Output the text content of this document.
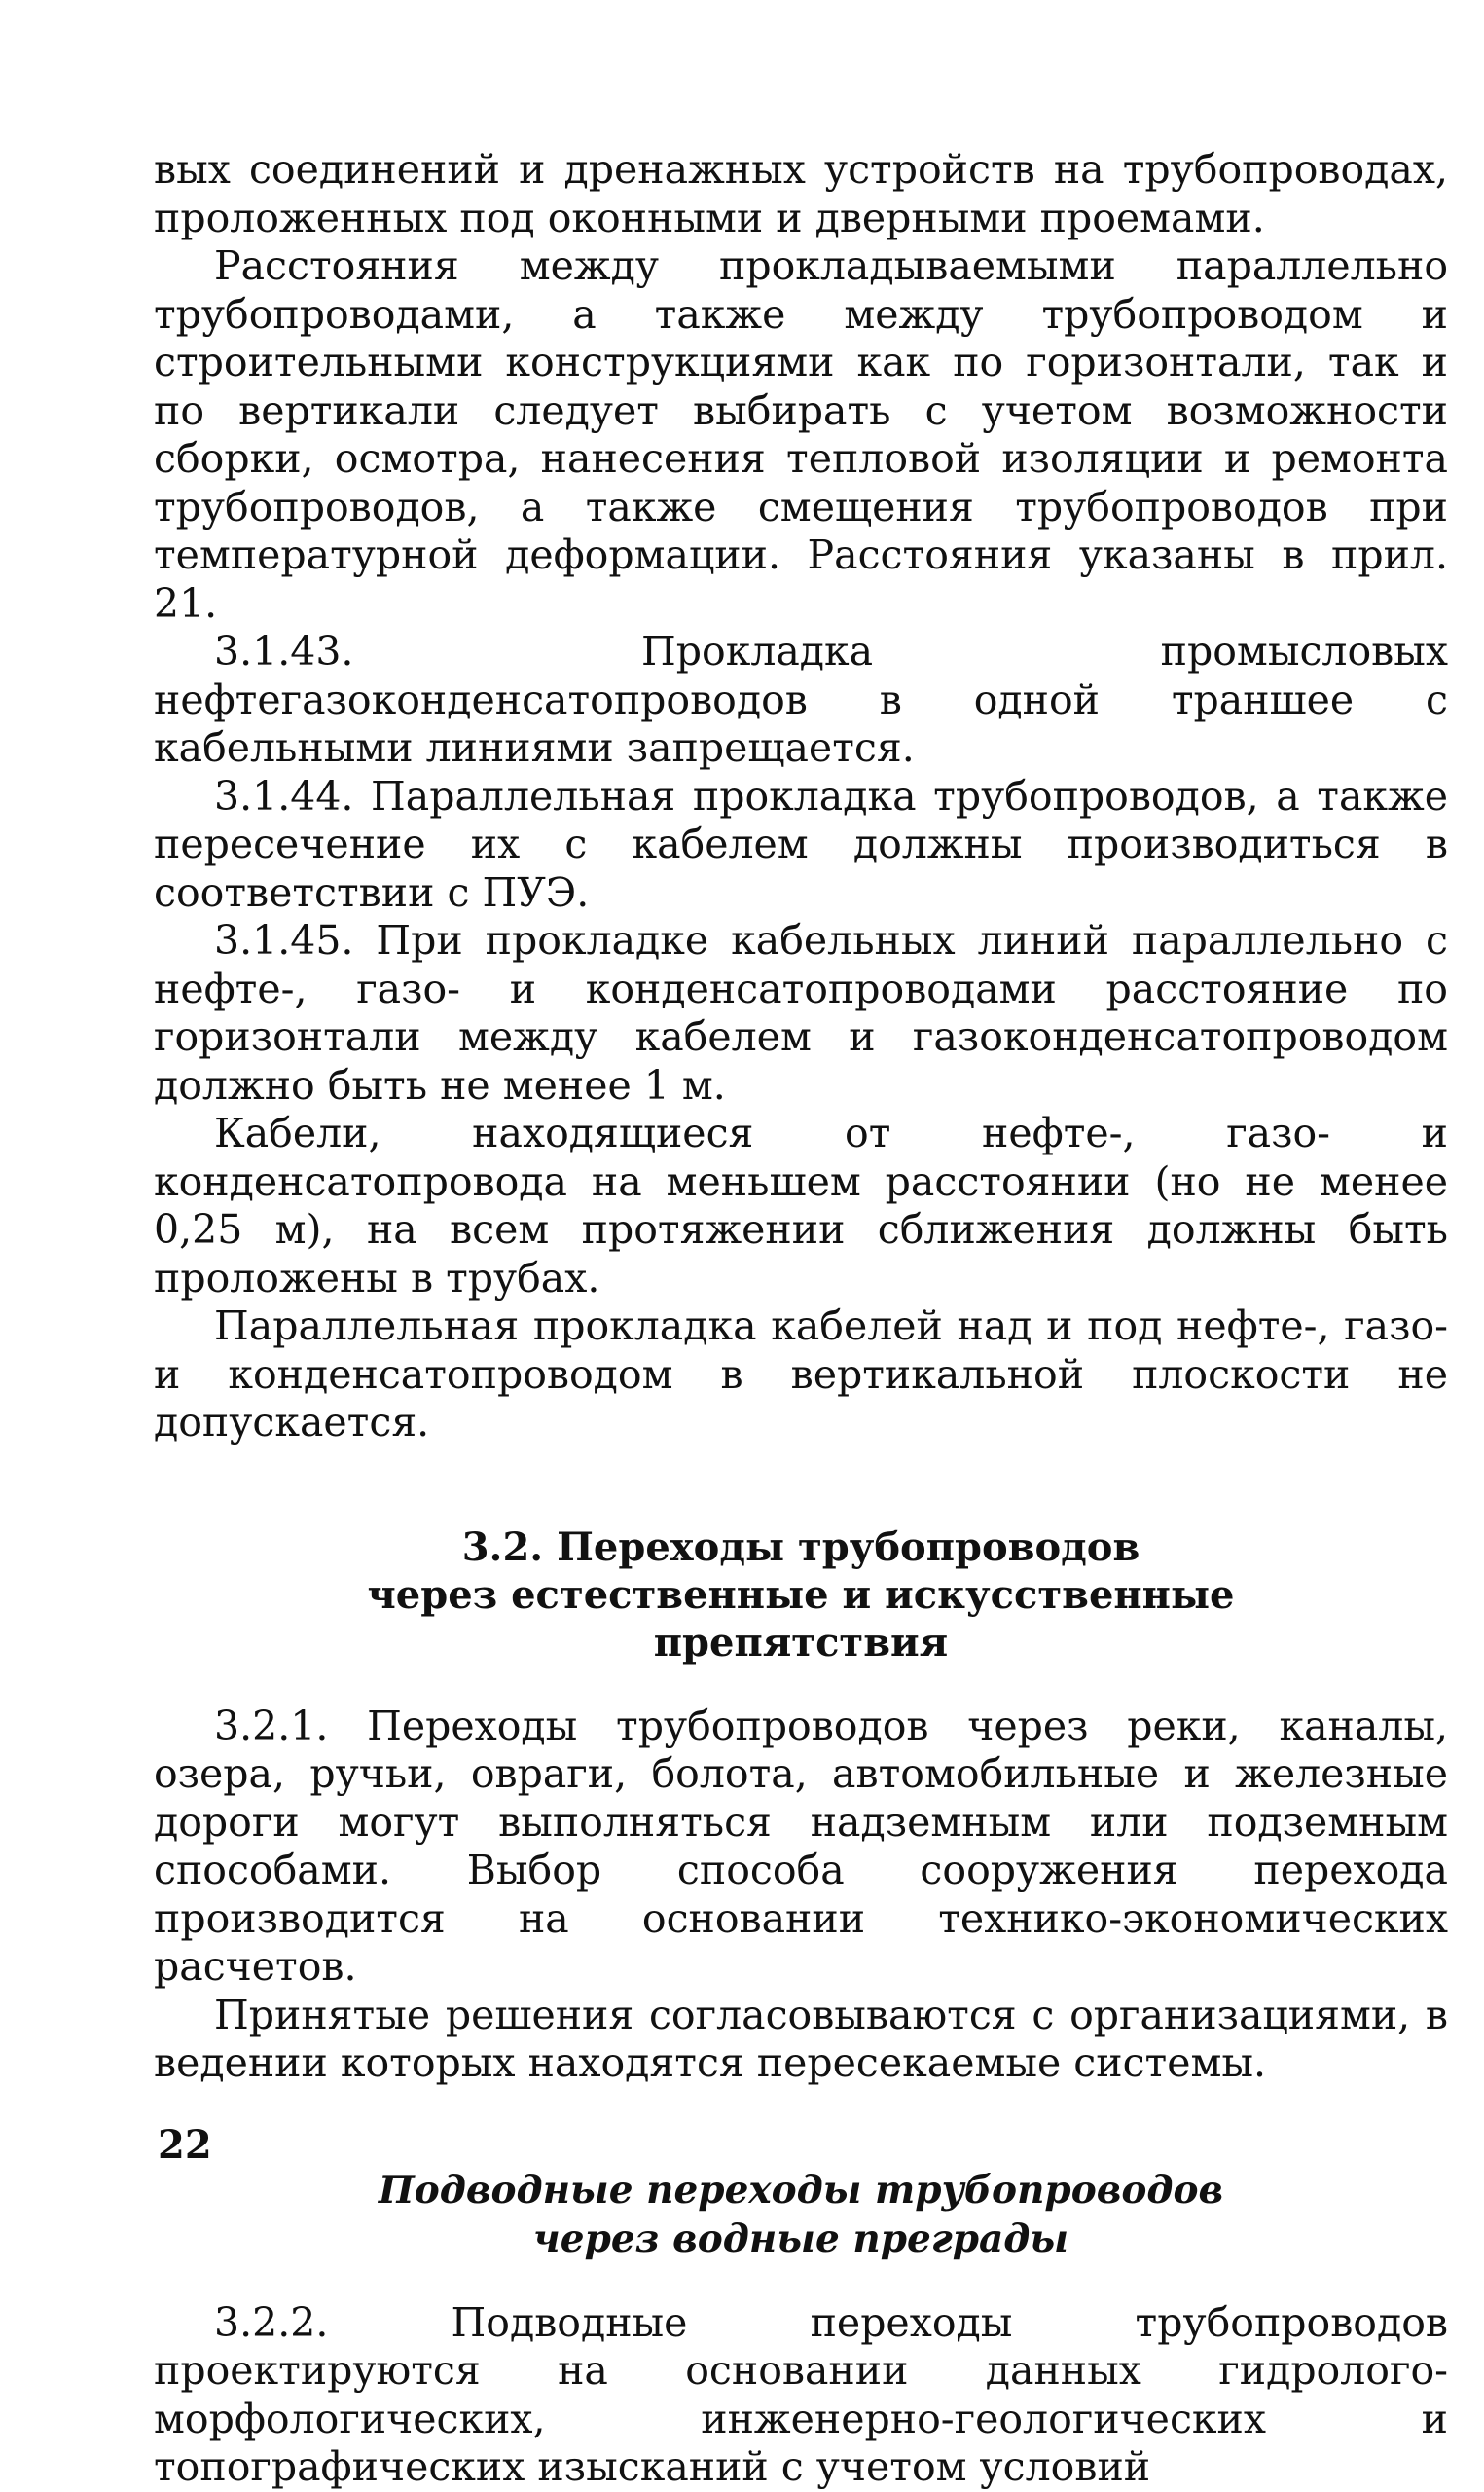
вых соединений и дренажных устройств на трубопроводах, проложенных под оконными и дверными проемами.

Расстояния между прокладываемыми параллельно трубопроводами, а также между трубопроводом и строительными конструкциями как по горизонтали, так и по вертикали следует выбирать с учетом возможности сборки, осмотра, нанесения тепловой изоляции и ремонта трубопроводов, а также смещения трубопроводов при температурной деформации. Расстояния указаны в прил. 21.

3.1.43. Прокладка промысловых нефтегазоконденсатопроводов в одной траншее с кабельными линиями запрещается.

3.1.44. Параллельная прокладка трубопроводов, а также пересечение их с кабелем должны производиться в соответствии с ПУЭ.

3.1.45. При прокладке кабельных линий параллельно с нефте-, газо- и конденсатопроводами расстояние по горизонтали между кабелем и газоконденсатопроводом должно быть не менее 1 м.

Кабели, находящиеся от нефте-, газо- и конденсатопровода на меньшем расстоянии (но не менее 0,25 м), на всем протяжении сближения должны быть проложены в трубах.

Параллельная прокладка кабелей над и под нефте-, газо- и конденсатопроводом в вертикальной плоскости не допускается.

3.2. Переходы трубопроводов
через естественные и искусственные
препятствия

3.2.1. Переходы трубопроводов через реки, каналы, озера, ручьи, овраги, болота, автомобильные и железные дороги могут выполняться надземным или подземным способами. Выбор способа сооружения перехода производится на основании технико-экономических расчетов.

Принятые решения согласовываются с организациями, в ведении которых находятся пересекаемые системы.

Подводные переходы трубопроводов
через водные преграды

3.2.2. Подводные переходы трубопроводов проектируются на основании данных гидролого-морфологических, инженерно-геологических и топографических изысканий с учетом условий

22
